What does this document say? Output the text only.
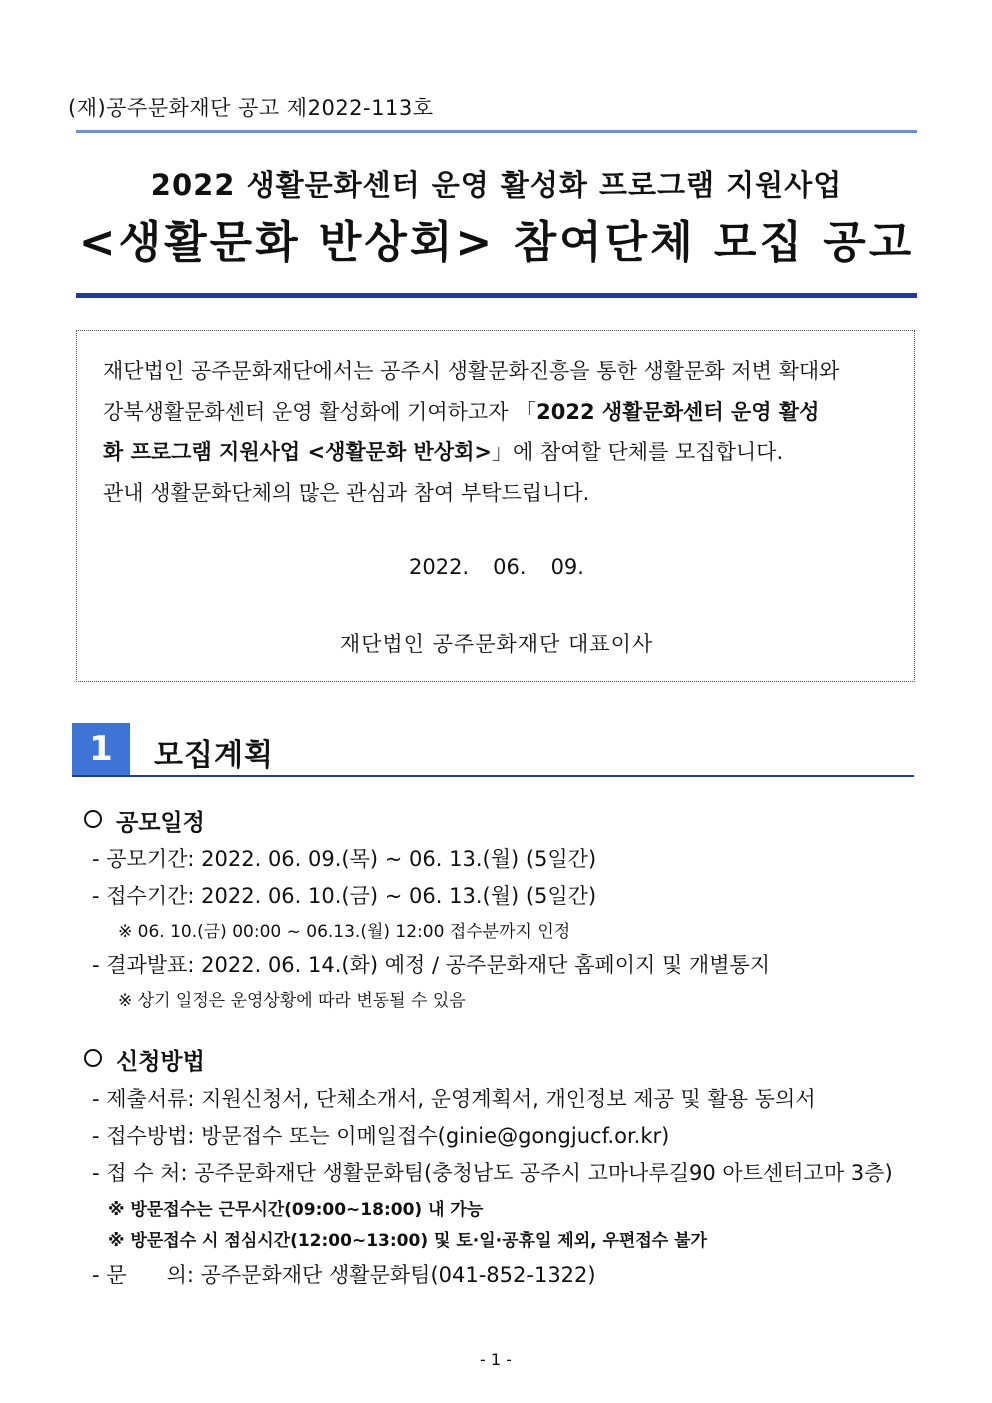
(재)공주문화재단 공고 제2022-113호
2022 생활문화센터 운영 활성화 프로그램 지원사업
<생활문화 반상회> 참여단체 모집 공고
재단법인 공주문화재단에서는 공주시 생활문화진흥을 통한 생활문화 저변 확대와
강북생활문화센터 운영 활성화에 기여하고자 「2022 생활문화센터 운영 활성
화 프로그램 지원사업 <생활문화 반상회>」에 참여할 단체를 모집합니다.
관내 생활문화단체의 많은 관심과 참여 부탁드립니다.
2022. 06. 09.
재단법인 공주문화재단 대표이사
1	모집계획
공모일정
- 공모기간: 2022. 06. 09.(목) ~ 06. 13.(월) (5일간)
- 접수기간: 2022. 06. 10.(금) ~ 06. 13.(월) (5일간)
※ 06. 10.(금) 00:00 ~ 06.13.(월) 12:00 접수분까지 인정
- 결과발표: 2022. 06. 14.(화) 예정 / 공주문화재단 홈페이지 및 개별통지
※ 상기 일정은 운영상황에 따라 변동될 수 있음
신청방법
- 제출서류: 지원신청서, 단체소개서, 운영계획서, 개인정보 제공 및 활용 동의서
- 접수방법: 방문접수 또는 이메일접수(ginie@gongjucf.or.kr)
- 접 수 처: 공주문화재단 생활문화팀(충청남도 공주시 고마나루길90 아트센터고마 3층)
※ 방문접수는 근무시간(09:00~18:00) 내 가능
※ 방문접수 시 점심시간(12:00~13:00) 및 토·일·공휴일 제외, 우편접수 불가
- 문      의: 공주문화재단 생활문화팀(041-852-1322)
- 1 -
